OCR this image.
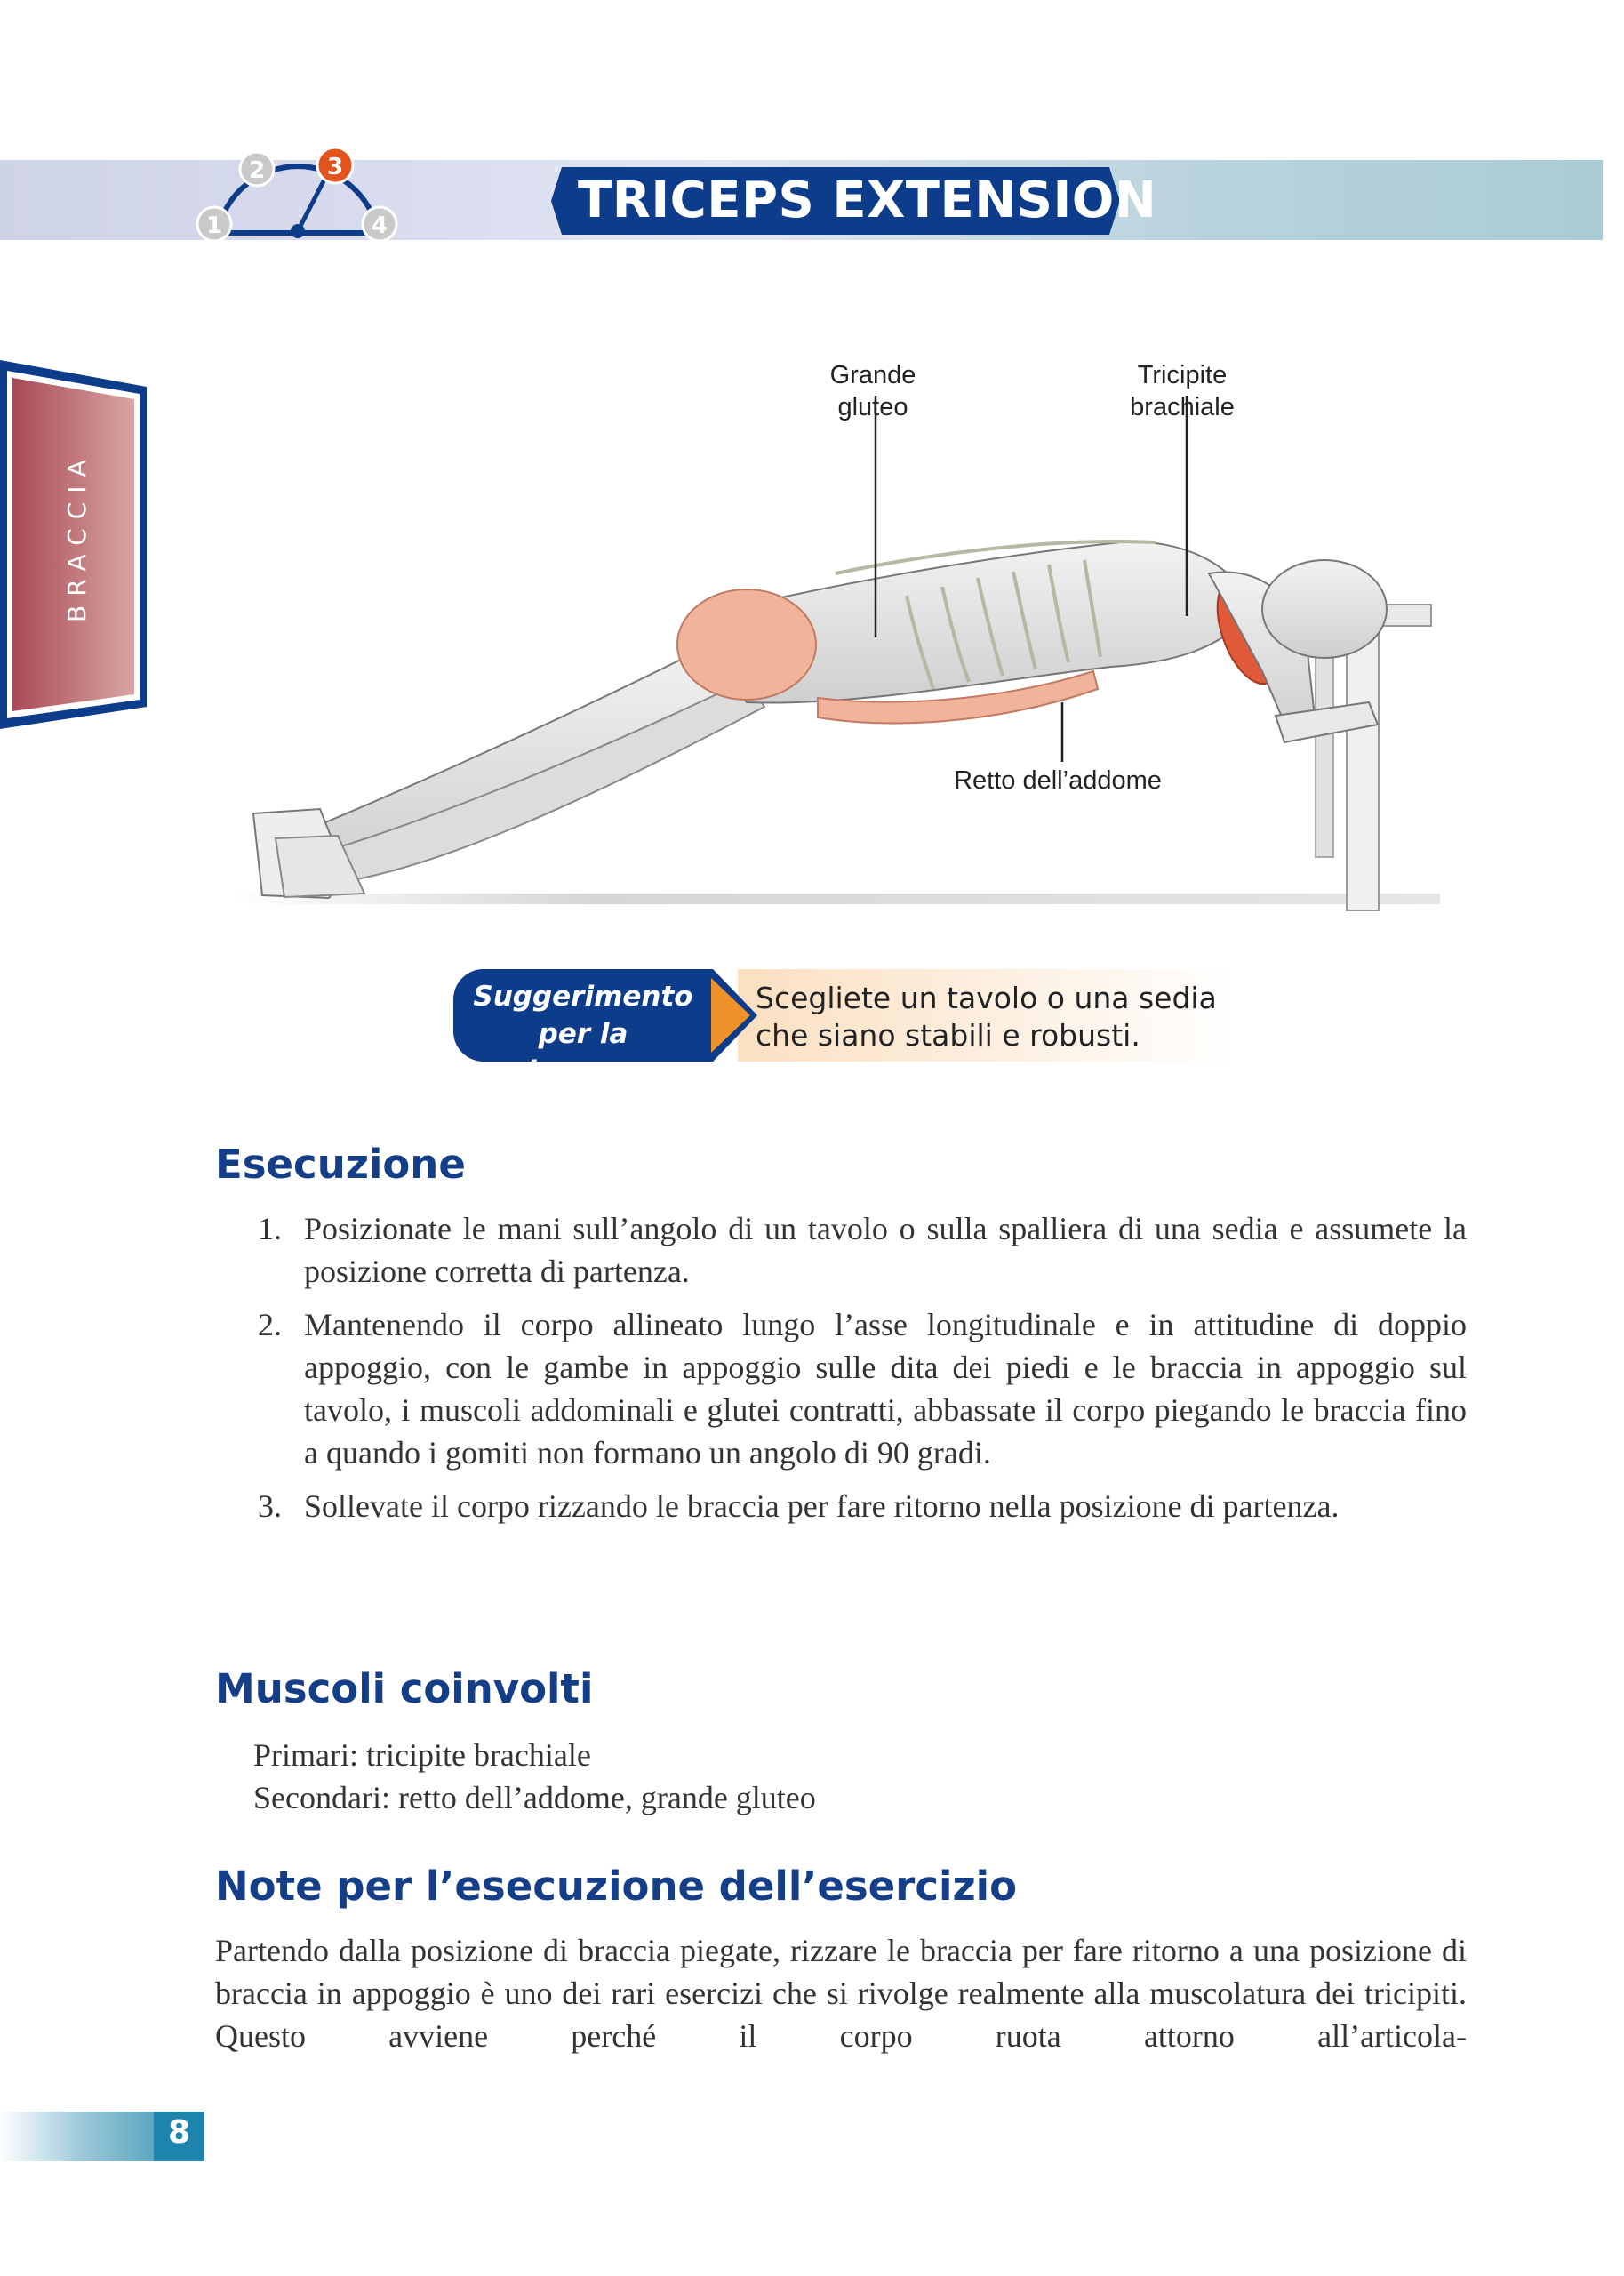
1
2	3
4	TRICEPS EXTENSION
BRACCIA
Grande gluteo
Tricipite brachiale
Retto dell’addome
Suggerimento
per la sicurezza
Scegliete un tavolo o una sedia
che siano stabili e robusti.
Esecuzione
1. Posizionate le mani sull’angolo di un tavolo o sulla spalliera di una sedia e assumete la posizione corretta di partenza.
2. Mantenendo il corpo allineato lungo l’asse longitudinale e in attitudine di doppio appoggio, con le gambe in appoggio sulle dita dei piedi e le braccia in appoggio sul tavolo, i muscoli addominali e glutei contratti, abbassate il corpo piegando le braccia fino a quando i gomiti non formano un angolo di 90 gradi.
3. Sollevate il corpo rizzando le braccia per fare ritorno nella posizione di partenza.
Muscoli coinvolti
Primari: tricipite brachiale
Secondari: retto dell’addome, grande gluteo
Note per l’esecuzione dell’esercizio
Partendo dalla posizione di braccia piegate, rizzare le braccia per fare ritorno a una posizione di braccia in appoggio è uno dei rari esercizi che si rivolge realmente alla muscolatura dei tricipiti. Questo avviene perché il corpo ruota attorno all’articola-
8
